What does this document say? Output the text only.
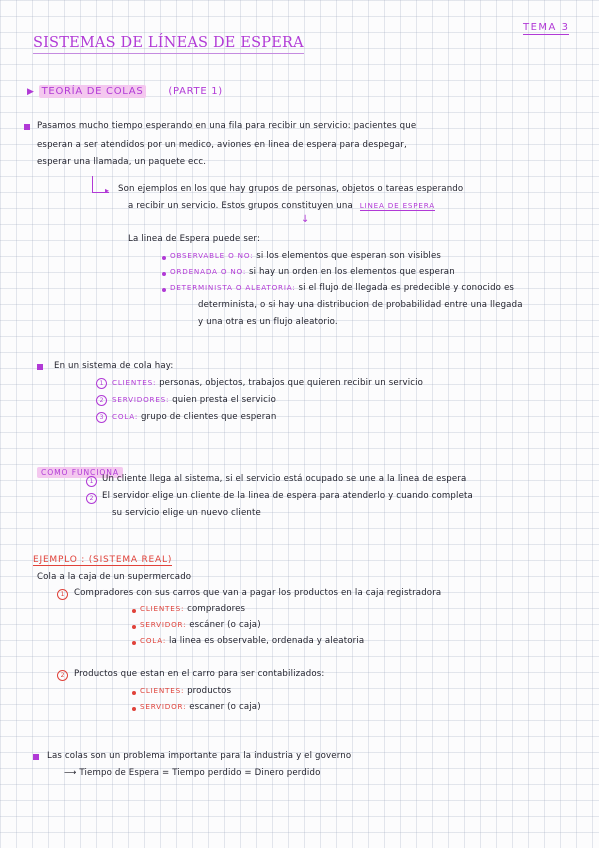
TEMA 3
SISTEMAS DE LÍNEAS DE ESPERA
▶ TEORÍA DE COLAS	(PARTE 1)
Pasamos mucho tiempo esperando en una fila para recibir un servicio: pacientes que
esperan a ser atendidos por un medico, aviones en linea de espera para despegar,
esperar una llamada, un paquete ecc.
▸ Son ejemplos en los que hay grupos de personas, objetos o tareas esperando
a recibir un servicio. Estos grupos constituyen una LINEA DE ESPERA
↓
La linea de Espera puede ser:
OBSERVABLE O NO: si los elementos que esperan son visibles
ORDENADA O NO: si hay un orden en los elementos que esperan
DETERMINISTA O ALEATORIA: si el flujo de llegada es predecible y conocido es
determinista, o si hay una distribucion de probabilidad entre una llegada
y una otra es un flujo aleatorio.
En un sistema de cola hay:
1	CLIENTES: personas, objectos, trabajos que quieren recibir un servicio
2	SERVIDORES: quien presta el servicio
3	COLA: grupo de clientes que esperan
COMO FUNCIONA
1 Un cliente llega al sistema, si el servicio está ocupado se une a la linea de espera
2 El servidor elige un cliente de la linea de espera para atenderlo y cuando completa
su servicio elige un nuevo cliente
EJEMPLO : (SISTEMA REAL)
Cola a la caja de un supermercado
1	Compradores con sus carros que van a pagar los productos en la caja registradora
CLIENTES: compradores
SERVIDOR: escáner (o caja)
COLA: la linea es observable, ordenada y aleatoria
2	Productos que estan en el carro para ser contabilizados:
CLIENTES: productos
SERVIDOR: escaner (o caja)
Las colas son un problema importante para la industria y el governo
⟶ Tiempo de Espera = Tiempo perdido = Dinero perdido
